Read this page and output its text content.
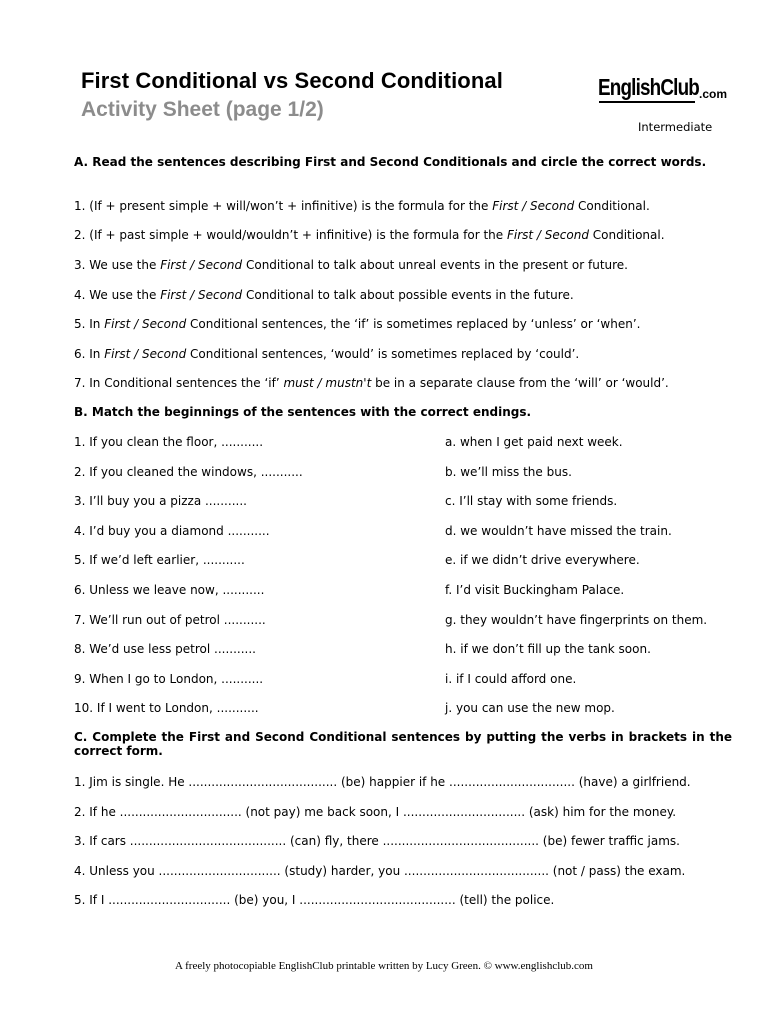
First Conditional vs Second Conditional
Activity Sheet (page 1/2)
EnglishClub .com
Intermediate
A. Read the sentences describing First and Second Conditionals and circle the correct words.
1. (If + present simple + will/won’t + infinitive) is the formula for the First / Second Conditional.
2. (If + past simple + would/wouldn’t + infinitive) is the formula for the First / Second Conditional.
3. We use the First / Second Conditional to talk about unreal events in the present or future.
4. We use the First / Second Conditional to talk about possible events in the future.
5. In First / Second Conditional sentences, the ‘if’ is sometimes replaced by ‘unless’ or ‘when’.
6. In First / Second Conditional sentences, ‘would’ is sometimes replaced by ‘could’.
7. In Conditional sentences the ‘if’ must / mustn't be in a separate clause from the ‘will’ or ‘would’.
B. Match the beginnings of the sentences with the correct endings.
1. If you clean the floor, ...........	a. when I get paid next week.
2. If you cleaned the windows, ...........	b. we’ll miss the bus.
3. I’ll buy you a pizza ...........	c. I’ll stay with some friends.
4. I’d buy you a diamond ...........	d. we wouldn’t have missed the train.
5. If we’d left earlier, ...........	e. if we didn’t drive everywhere.
6. Unless we leave now, ...........	f. I’d visit Buckingham Palace.
7. We’ll run out of petrol ...........	g. they wouldn’t have fingerprints on them.
8. We’d use less petrol ...........	h. if we don’t fill up the tank soon.
9. When I go to London, ...........	i. if I could afford one.
10. If I went to London, ...........	j. you can use the new mop.
C. Complete the First and Second Conditional sentences by putting the verbs in brackets in the correct form.
1. Jim is single. He ....................................... (be) happier if he ................................. (have) a girlfriend.
2. If he ................................ (not pay) me back soon, I ................................ (ask) him for the money.
3. If cars ......................................... (can) fly, there ......................................... (be) fewer traffic jams.
4. Unless you ................................ (study) harder, you ...................................... (not / pass) the exam.
5. If I ................................ (be) you, I ......................................... (tell) the police.
A freely photocopiable EnglishClub printable written by Lucy Green. © www.englishclub.com
